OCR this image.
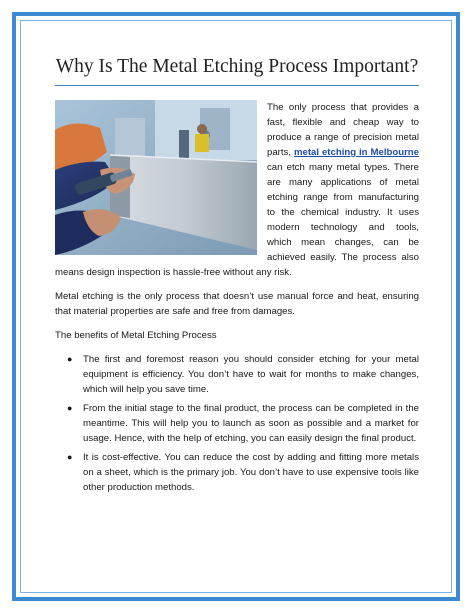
Why Is The Metal Etching Process Important?

The only process that provides a fast, flexible and cheap way to produce a range of precision metal parts, metal etching in Melbourne can etch many metal types. There are many applications of metal etching range from manufacturing to the chemical industry. It uses modern technology and tools, which mean changes, can be achieved easily. The process also means design inspection is hassle-free without any risk.

Metal etching is the only process that doesn’t use manual force and heat, ensuring that material properties are safe and free from damages.

The benefits of Metal Etching Process

● The first and foremost reason you should consider etching for your metal equipment is efficiency. You don’t have to wait for months to make changes, which will help you save time.
● From the initial stage to the final product, the process can be completed in the meantime. This will help you to launch as soon as possible and a market for usage. Hence, with the help of etching, you can easily design the final product.
● It is cost-effective. You can reduce the cost by adding and fitting more metals on a sheet, which is the primary job. You don’t have to use expensive tools like other production methods.
